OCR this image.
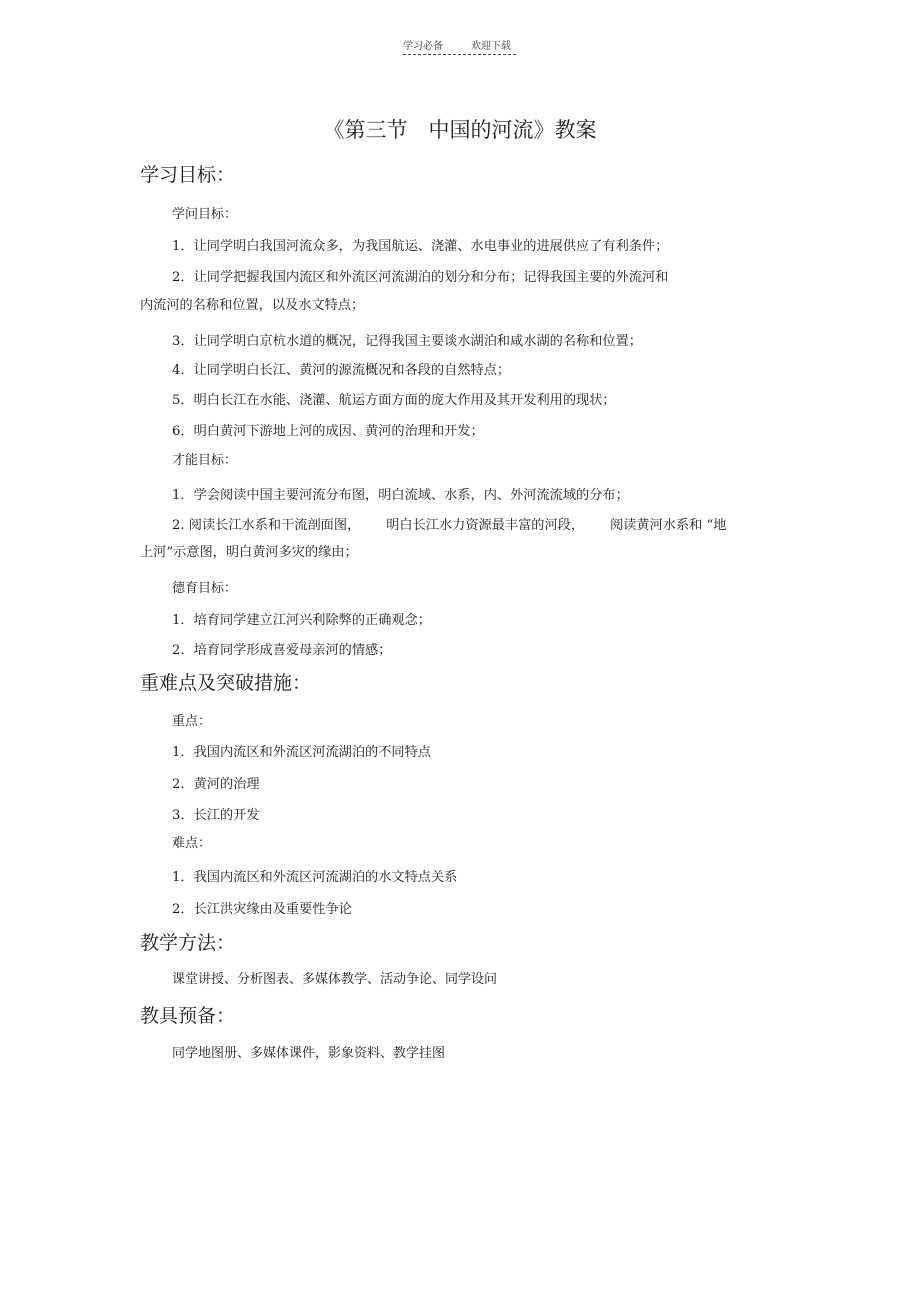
学习必备	欢迎下载
《第三节　中国的河流》教案
学习目标：
学问目标：
1．让同学明白我国河流众多，为我国航运、浇灌、水电事业的进展供应了有利条件；
2．让同学把握我国内流区和外流区河流湖泊的划分和分布；记得我国主要的外流河和
内流河的名称和位置，以及水文特点；
3．让同学明白京杭水道的概况，记得我国主要谈水湖泊和咸水湖的名称和位置；
4．让同学明白长江、黄河的源流概况和各段的自然特点；
5．明白长江在水能、浇灌、航运方面方面的庞大作用及其开发利用的现状；
6．明白黄河下游地上河的成因、黄河的治理和开发；
才能目标：
1．学会阅读中国主要河流分布图，明白流域、水系，内、外河流流域的分布；
2. 阅读长江水系和干流剖面图， 明白长江水力资源最丰富的河段， 阅读黄河水系和 “地
上河”示意图，明白黄河多灾的缘由；
德育目标：
1．培育同学建立江河兴利除弊的正确观念；
2．培育同学形成喜爱母亲河的情感；
重难点及突破措施：
重点：
1．我国内流区和外流区河流湖泊的不同特点
2．黄河的治理
3．长江的开发
难点：
1．我国内流区和外流区河流湖泊的水文特点关系
2．长江洪灾缘由及重要性争论
教学方法：
课堂讲授、分析图表、多媒体教学、活动争论、同学设问
教具预备：
同学地图册、多媒体课件，影象资料、教学挂图
